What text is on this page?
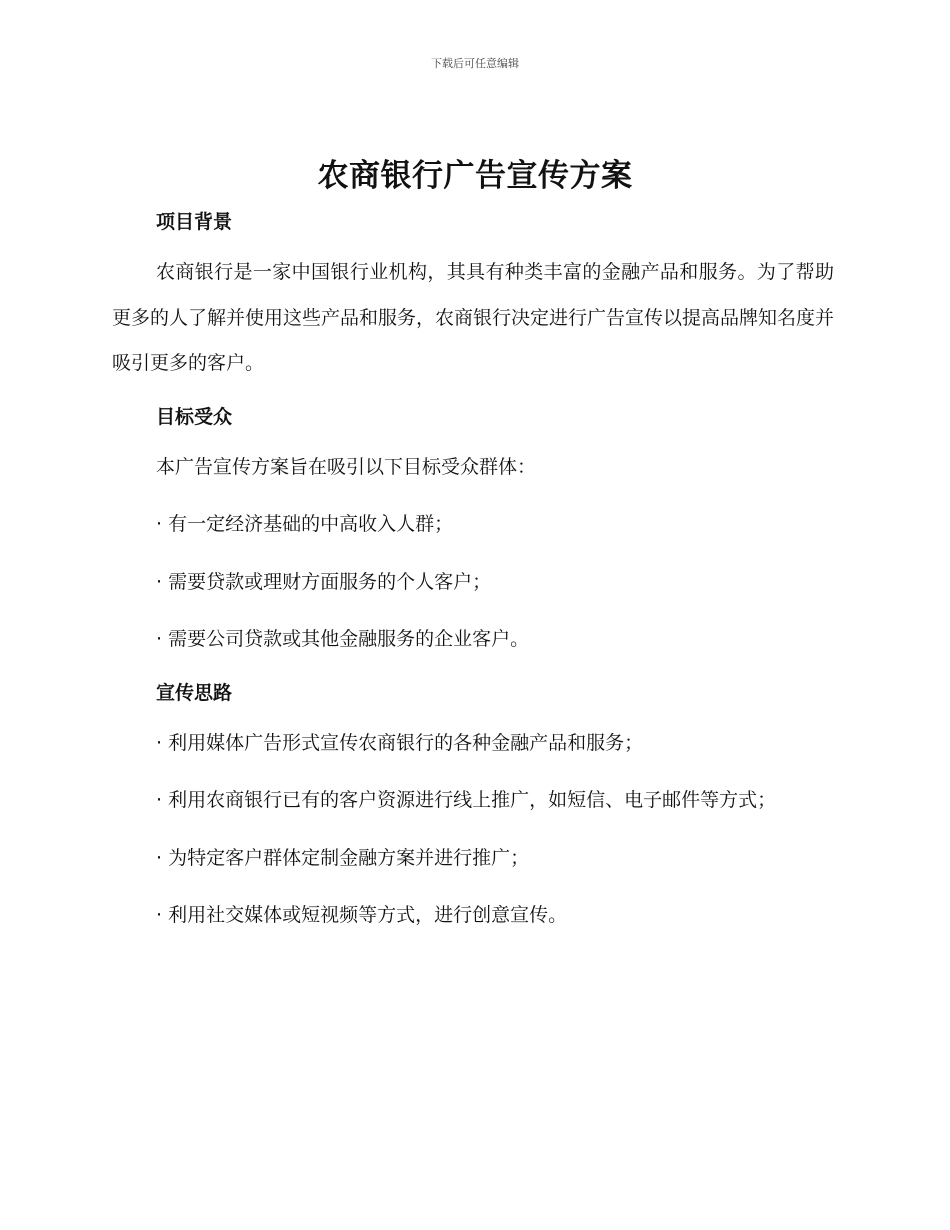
下载后可任意编辑
农商银行广告宣传方案
项目背景

农商银行是一家中国银行业机构，其具有种类丰富的金融产品和服务。为了帮助更多的人了解并使用这些产品和服务，农商银行决定进行广告宣传以提高品牌知名度并吸引更多的客户。

目标受众

本广告宣传方案旨在吸引以下目标受众群体：

· 有一定经济基础的中高收入人群；

· 需要贷款或理财方面服务的个人客户；

· 需要公司贷款或其他金融服务的企业客户。

宣传思路

· 利用媒体广告形式宣传农商银行的各种金融产品和服务；

· 利用农商银行已有的客户资源进行线上推广，如短信、电子邮件等方式；

· 为特定客户群体定制金融方案并进行推广；

· 利用社交媒体或短视频等方式，进行创意宣传。
